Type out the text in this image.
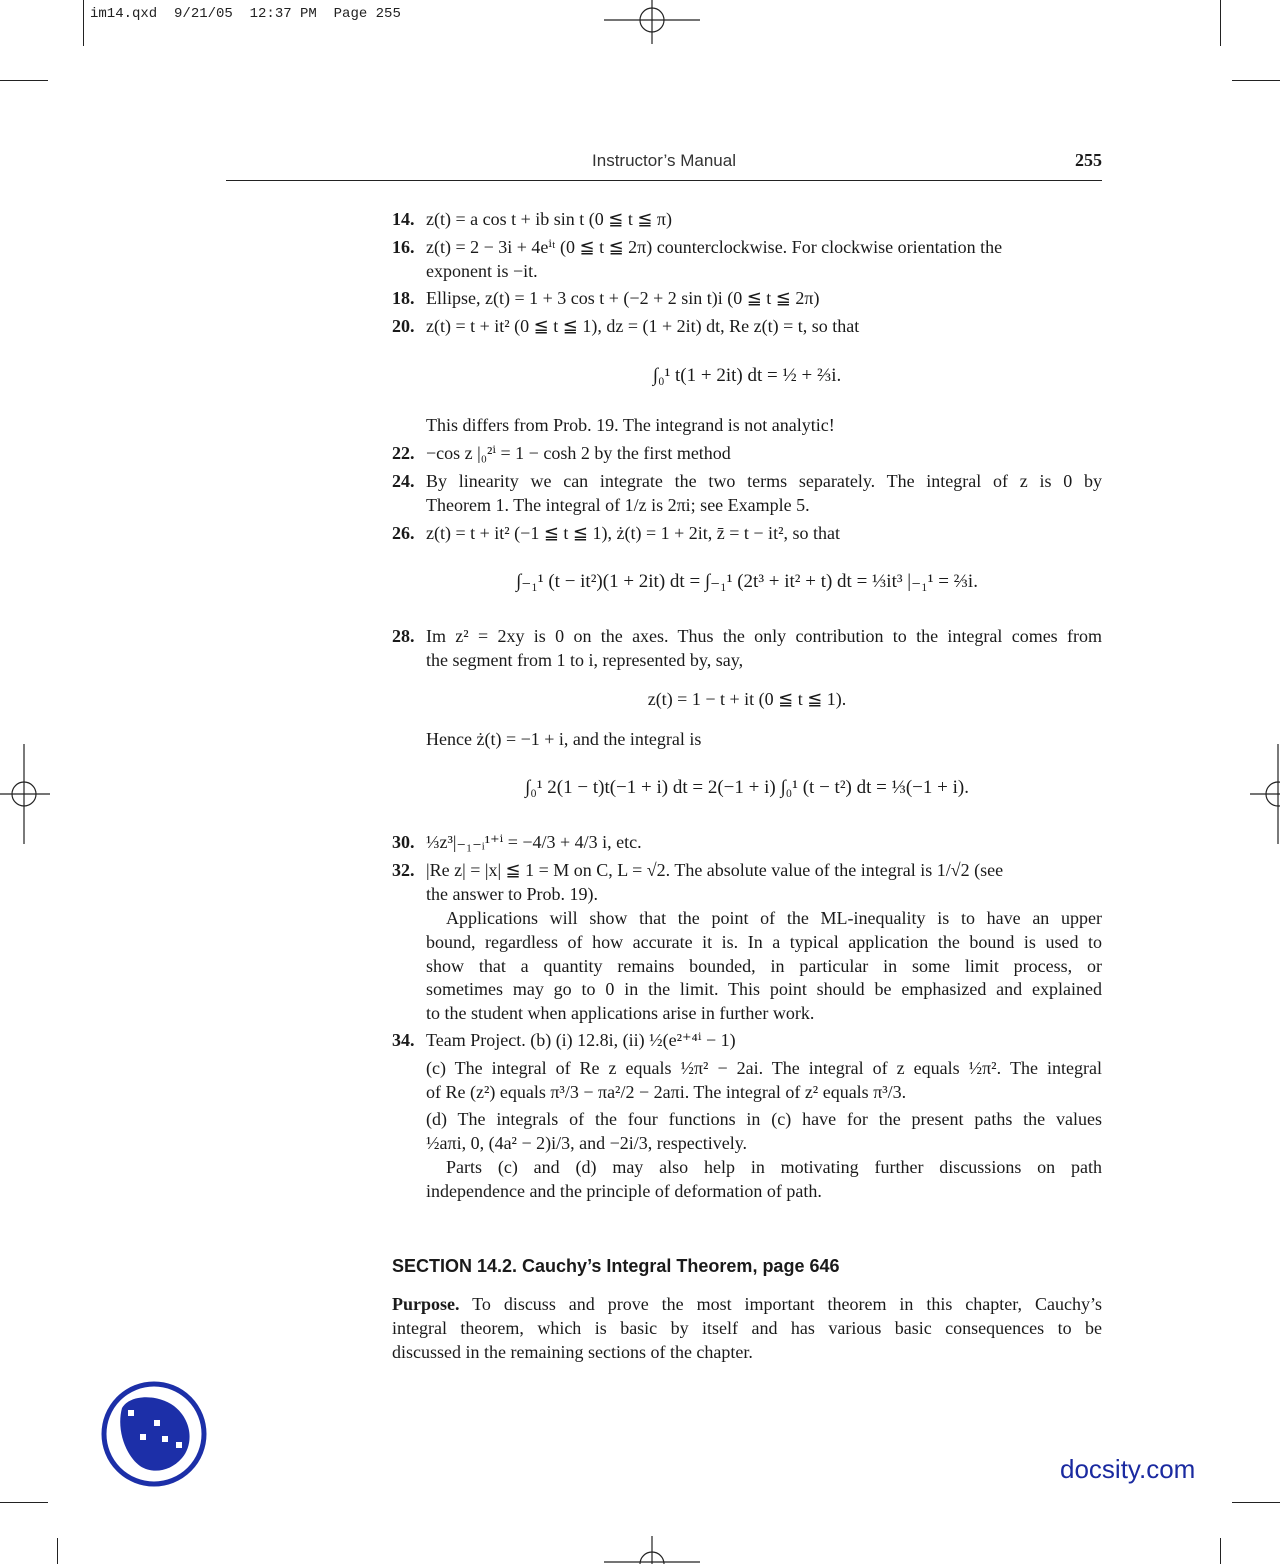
im14.qxd  9/21/05  12:37 PM  Page 255
Instructor’s Manual	255
14. z(t) = a cos t + ib sin t (0 ≦ t ≦ π)
16. z(t) = 2 − 3i + 4eⁱᵗ (0 ≦ t ≦ 2π) counterclockwise. For clockwise orientation the
exponent is −it.
18. Ellipse, z(t) = 1 + 3 cos t + (−2 + 2 sin t)i (0 ≦ t ≦ 2π)
20. z(t) = t + it² (0 ≦ t ≦ 1), dz = (1 + 2it) dt, Re z(t) = t, so that
∫₀¹ t(1 + 2it) dt = ½ + ⅔i.
This differs from Prob. 19. The integrand is not analytic!
22. −cos z |₀²ⁱ = 1 − cosh 2 by the first method
24. By linearity we can integrate the two terms separately. The integral of z is 0 by
Theorem 1. The integral of 1/z is 2πi; see Example 5.
26. z(t) = t + it² (−1 ≦ t ≦ 1), ż(t) = 1 + 2it, z̄ = t − it², so that
∫₋₁¹ (t − it²)(1 + 2it) dt = ∫₋₁¹ (2t³ + it² + t) dt = ⅓it³ |₋₁¹ = ⅔i.
28. Im z² = 2xy is 0 on the axes. Thus the only contribution to the integral comes from
the segment from 1 to i, represented by, say,
z(t) = 1 − t + it (0 ≦ t ≦ 1).
Hence ż(t) = −1 + i, and the integral is
∫₀¹ 2(1 − t)t(−1 + i) dt = 2(−1 + i) ∫₀¹ (t − t²) dt = ⅓(−1 + i).
30. ⅓z³|₋₁₋ᵢ¹⁺ⁱ = −4/3 + 4/3 i, etc.
32. |Re z| = |x| ≦ 1 = M on C, L = √2. The absolute value of the integral is 1/√2 (see
the answer to Prob. 19).
Applications will show that the point of the ML-inequality is to have an upper
bound, regardless of how accurate it is. In a typical application the bound is used to
show that a quantity remains bounded, in particular in some limit process, or
sometimes may go to 0 in the limit. This point should be emphasized and explained
to the student when applications arise in further work.
34. Team Project. (b) (i) 12.8i, (ii) ½(e²⁺⁴ⁱ − 1)
(c) The integral of Re z equals ½π² − 2ai. The integral of z equals ½π². The integral
of Re (z²) equals π³/3 − πa²/2 − 2aπi. The integral of z² equals π³/3.
(d) The integrals of the four functions in (c) have for the present paths the values
½aπi, 0, (4a² − 2)i/3, and −2i/3, respectively.
Parts (c) and (d) may also help in motivating further discussions on path
independence and the principle of deformation of path.
SECTION 14.2. Cauchy’s Integral Theorem, page 646
Purpose. To discuss and prove the most important theorem in this chapter, Cauchy’s
integral theorem, which is basic by itself and has various basic consequences to be
discussed in the remaining sections of the chapter.
docsity.com
